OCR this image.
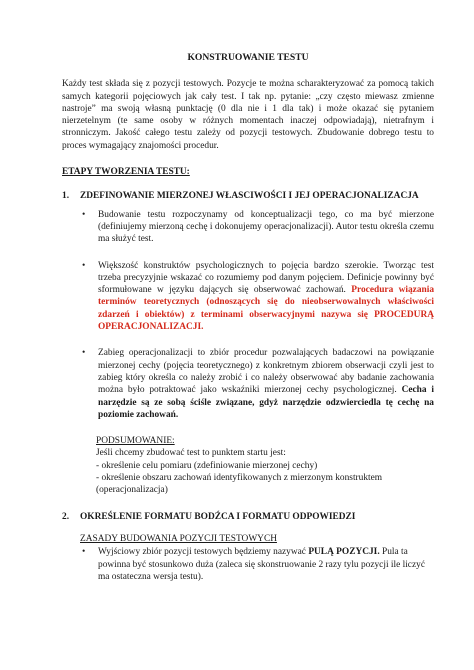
KONSTRUOWANIE TESTU

Każdy test składa się z pozycji testowych. Pozycje te można scharakteryzować za pomocą takich samych kategorii pojęciowych jak cały test. I tak np. pytanie: „czy często miewasz zmienne nastroje” ma swoją własną punktację (0 dla nie i 1 dla tak) i może okazać się pytaniem nierzetelnym (te same osoby w różnych momentach inaczej odpowiadają), nietrafnym i stronniczym. Jakość całego testu zależy od pozycji testowych. Zbudowanie dobrego testu to proces wymagający znajomości procedur.

ETAPY TWORZENIA TESTU:

1.	ZDEFINOWANIE MIERZONEJ WŁASCIWOŚCI I JEJ OPERACJONALIZACJA
•	Budowanie testu rozpoczynamy od konceptualizacji tego, co ma być mierzone (definiujemy mierzoną cechę i dokonujemy operacjonalizacji). Autor testu określa czemu ma służyć test.

•	Większość konstruktów psychologicznych to pojęcia bardzo szerokie. Tworząc test trzeba precyzyjnie wskazać co rozumiemy pod danym pojęciem. Definicje powinny być sformułowane w języku dających się obserwować zachowań. Procedura wiązania terminów teoretycznych (odnoszących się do nieobserwowalnych właściwości zdarzeń i obiektów) z terminami obserwacyjnymi nazywa się PROCEDURĄ OPERACJONALIZACJI.

•	Zabieg operacjonalizacji to zbiór procedur pozwalających badaczowi na powiązanie mierzonej cechy (pojęcia teoretycznego) z konkretnym zbiorem obserwacji czyli jest to zabieg który określa co należy zrobić i co należy obserwować aby badanie zachowania można było potraktować jako wskaźniki mierzonej cechy psychologicznej. Cecha i narzędzie są ze sobą ściśle związane, gdyż narzędzie odzwierciedla tę cechę na poziomie zachowań.

PODSUMOWANIE:

Jeśli chcemy zbudować test to punktem startu jest:

- określenie celu pomiaru (zdefiniowanie mierzonej cechy)

- określenie obszaru zachowań identyfikowanych z mierzonym konstruktem (operacjonalizacja)

2.	OKREŚLENIE FORMATU BODŹCA I FORMATU ODPOWIEDZI

ZASADY BUDOWANIA POZYCJI TESTOWYCH

•	Wyjściowy zbiór pozycji testowych będziemy nazywać PULĄ POZYCJI. Pula ta powinna być stosunkowo duża (zaleca się skonstruowanie 2 razy tylu pozycji ile liczyć ma ostateczna wersja testu).
